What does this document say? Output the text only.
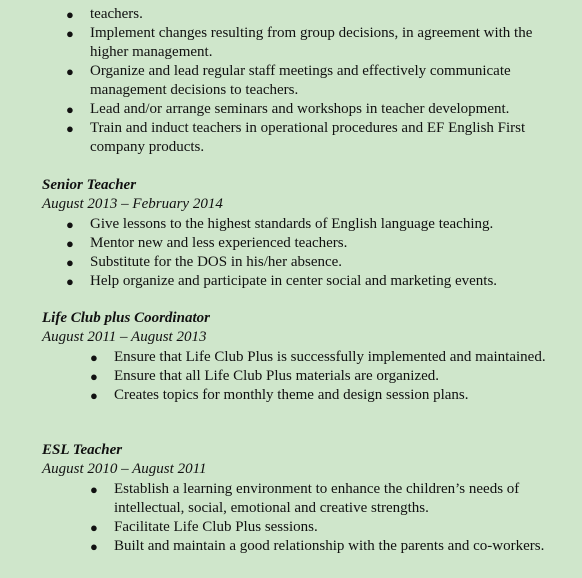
● teachers.
● Implement changes resulting from group decisions, in agreement with the higher management.
● Organize and lead regular staff meetings and effectively communicate management decisions to teachers.
● Lead and/or arrange seminars and workshops in teacher development.
● Train and induct teachers in operational procedures and EF English First company products.
Senior Teacher
August 2013 – February 2014
● Give lessons to the highest standards of English language teaching.
● Mentor new and less experienced teachers.
● Substitute for the DOS in his/her absence.
● Help organize and participate in center social and marketing events.
Life Club plus Coordinator
August 2011 – August 2013
● Ensure that Life Club Plus is successfully implemented and maintained.
● Ensure that all Life Club Plus materials are organized.
● Creates topics for monthly theme and design session plans.
ESL Teacher
August 2010 – August 2011
● Establish a learning environment to enhance the children’s needs of intellectual, social, emotional and creative strengths.
● Facilitate Life Club Plus sessions.
● Built and maintain a good relationship with the parents and co-workers.
